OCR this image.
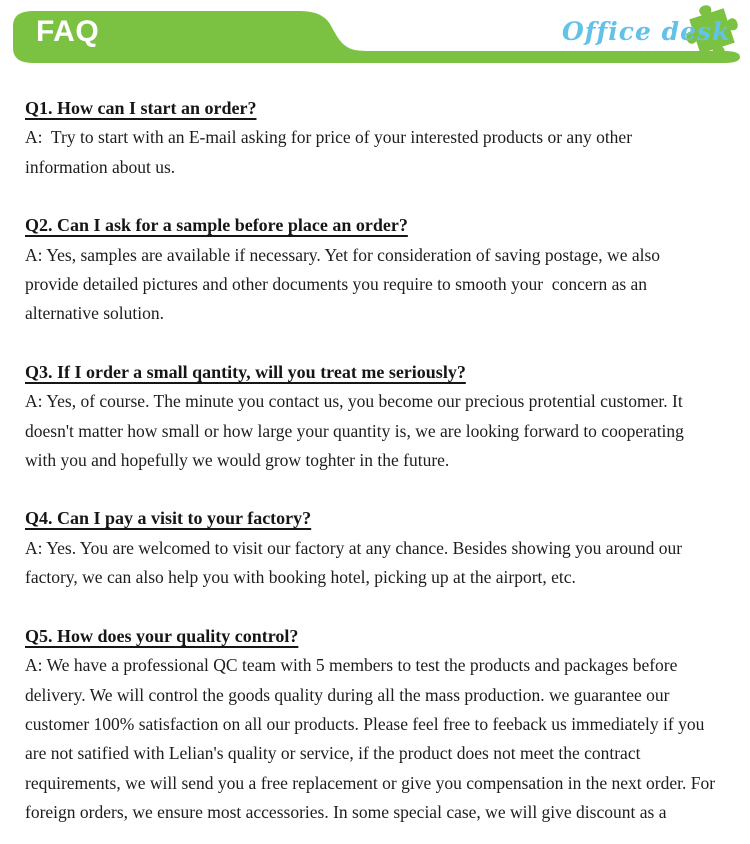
FAQ	Office desk
Q1. How can I start an order?

A:  Try to start with an E-mail asking for price of your interested products or any other

information about us.

Q2. Can I ask for a sample before place an order?

A: Yes, samples are available if necessary. Yet for consideration of saving postage, we also

provide detailed pictures and other documents you require to smooth your  concern as an

alternative solution.

Q3. If I order a small qantity, will you treat me seriously?

A: Yes, of course. The minute you contact us, you become our precious protential customer. It

doesn't matter how small or how large your quantity is, we are looking forward to cooperating

with you and hopefully we would grow toghter in the future.

Q4. Can I pay a visit to your factory?

A: Yes. You are welcomed to visit our factory at any chance. Besides showing you around our

factory, we can also help you with booking hotel, picking up at the airport, etc.

Q5. How does your quality control?

A: We have a professional QC team with 5 members to test the products and packages before

delivery. We will control the goods quality during all the mass production. we guarantee our

customer 100% satisfaction on all our products. Please feel free to feeback us immediately if you

are not satified with Lelian's quality or service, if the product does not meet the contract

requirements, we will send you a free replacement or give you compensation in the next order. For

foreign orders, we ensure most accessories. In some special case, we will give discount as a
